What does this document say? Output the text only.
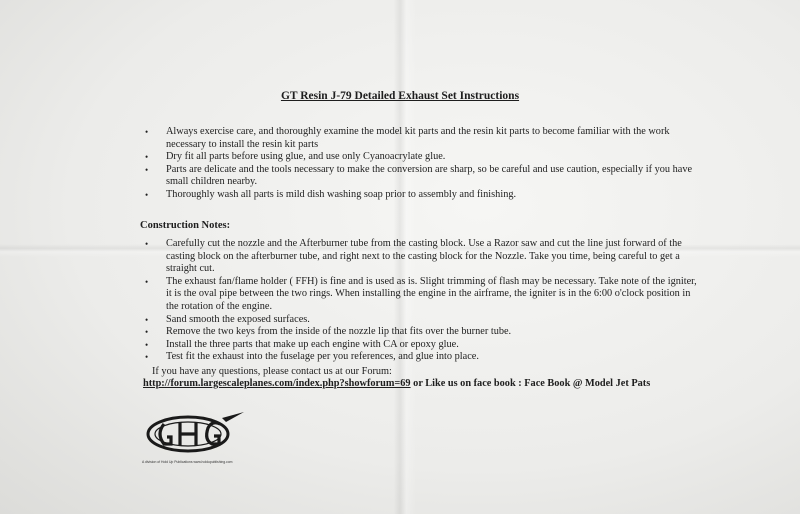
GT Resin J-79 Detailed Exhaust Set Instructions
• Always exercise care, and thoroughly examine the model kit parts and the resin kit parts to become familiar with the work necessary to install the resin kit parts
• Dry fit all parts before using glue, and use only Cyanoacrylate glue.
• Parts are delicate and the tools necessary to make the conversion are sharp, so be careful and use caution, especially if you have small children nearby.
• Thoroughly wash all parts is mild dish washing soap prior to assembly and finishing.
Construction Notes:
• Carefully cut the nozzle and the Afterburner tube from the casting block. Use a Razor saw and cut the line just forward of the casting block on the afterburner tube, and right next to the casting block for the Nozzle. Take you time, being careful to get a straight cut.
• The exhaust fan/flame holder ( FFH) is fine and is used as is. Slight trimming of flash may be necessary. Take note of the igniter, it is the oval pipe between the two rings. When installing the engine in the airframe, the igniter is in the 6:00 o'clock position in the rotation of the engine.
• Sand smooth the exposed surfaces.
• Remove the two keys from the inside of the nozzle lip that fits over the burner tube.
• Install the three parts that make up each engine with CA or epoxy glue.
• Test fit the exhaust into the fuselage per you references, and glue into place.
If you have any questions, please contact us at our Forum:
http://forum.largescaleplanes.com/index.php?showforum=69 or Like us on face book : Face Book @ Model Jet Pats
A division of Hold Up Publications www.holdupublishing.com
